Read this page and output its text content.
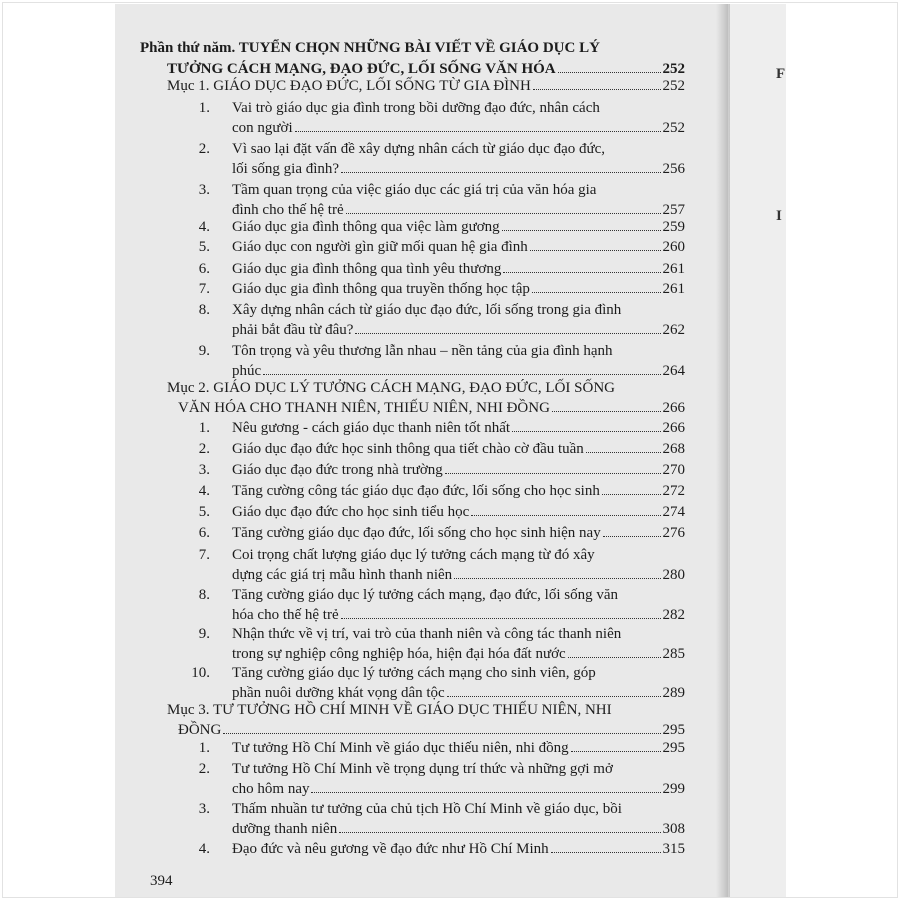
F
I
Phần thứ năm. TUYỂN CHỌN NHỮNG BÀI VIẾT VỀ GIÁO DỤC LÝ
TƯỞNG CÁCH MẠNG, ĐẠO ĐỨC, LỐI SỐNG VĂN HÓA	252
Mục 1. GIÁO DỤC ĐẠO ĐỨC, LỐI SỐNG TỪ GIA ĐÌNH	252
1. Vai trò giáo dục gia đình trong bồi dưỡng đạo đức, nhân cách
con người	252
2. Vì sao lại đặt vấn đề xây dựng nhân cách từ giáo dục đạo đức,
lối sống gia đình?	256
3. Tầm quan trọng của việc giáo dục các giá trị của văn hóa gia
đình cho thế hệ trẻ	257
4. Giáo dục gia đình thông qua việc làm gương	259
5. Giáo dục con người gìn giữ mối quan hệ gia đình	260
6. Giáo dục gia đình thông qua tình yêu thương	261
7. Giáo dục gia đình thông qua truyền thống học tập	261
8. Xây dựng nhân cách từ giáo dục đạo đức, lối sống trong gia đình
phải bắt đầu từ đâu?	262
9. Tôn trọng và yêu thương lẫn nhau – nền tảng của gia đình hạnh
phúc	264
Mục 2. GIÁO DỤC LÝ TƯỞNG CÁCH MẠNG, ĐẠO ĐỨC, LỐI SỐNG
VĂN HÓA CHO THANH NIÊN, THIẾU NIÊN, NHI ĐỒNG	266
1. Nêu gương - cách giáo dục thanh niên tốt nhất	266
2. Giáo dục đạo đức học sinh thông qua tiết chào cờ đầu tuần	268
3. Giáo dục đạo đức trong nhà trường	270
4. Tăng cường công tác giáo dục đạo đức, lối sống cho học sinh	272
5. Giáo dục đạo đức cho học sinh tiểu học	274
6. Tăng cường giáo dục đạo đức, lối sống cho học sinh hiện nay	276
7. Coi trọng chất lượng giáo dục lý tưởng cách mạng từ đó xây
dựng các giá trị mẫu hình thanh niên	280
8. Tăng cường giáo dục lý tưởng cách mạng, đạo đức, lối sống văn
hóa cho thế hệ trẻ	282
9. Nhận thức về vị trí, vai trò của thanh niên và công tác thanh niên
trong sự nghiệp công nghiệp hóa, hiện đại hóa đất nước	285
10. Tăng cường giáo dục lý tưởng cách mạng cho sinh viên, góp
phần nuôi dưỡng khát vọng dân tộc	289
Mục 3. TƯ TƯỞNG HỒ CHÍ MINH VỀ GIÁO DỤC THIẾU NIÊN, NHI
ĐỒNG	295
1. Tư tưởng Hồ Chí Minh về giáo dục thiếu niên, nhi đồng	295
2. Tư tưởng Hồ Chí Minh về trọng dụng trí thức và những gợi mở
cho hôm nay	299
3. Thấm nhuần tư tưởng của chủ tịch Hồ Chí Minh về giáo dục, bồi
dưỡng thanh niên	308
4. Đạo đức và nêu gương về đạo đức như Hồ Chí Minh	315
394
